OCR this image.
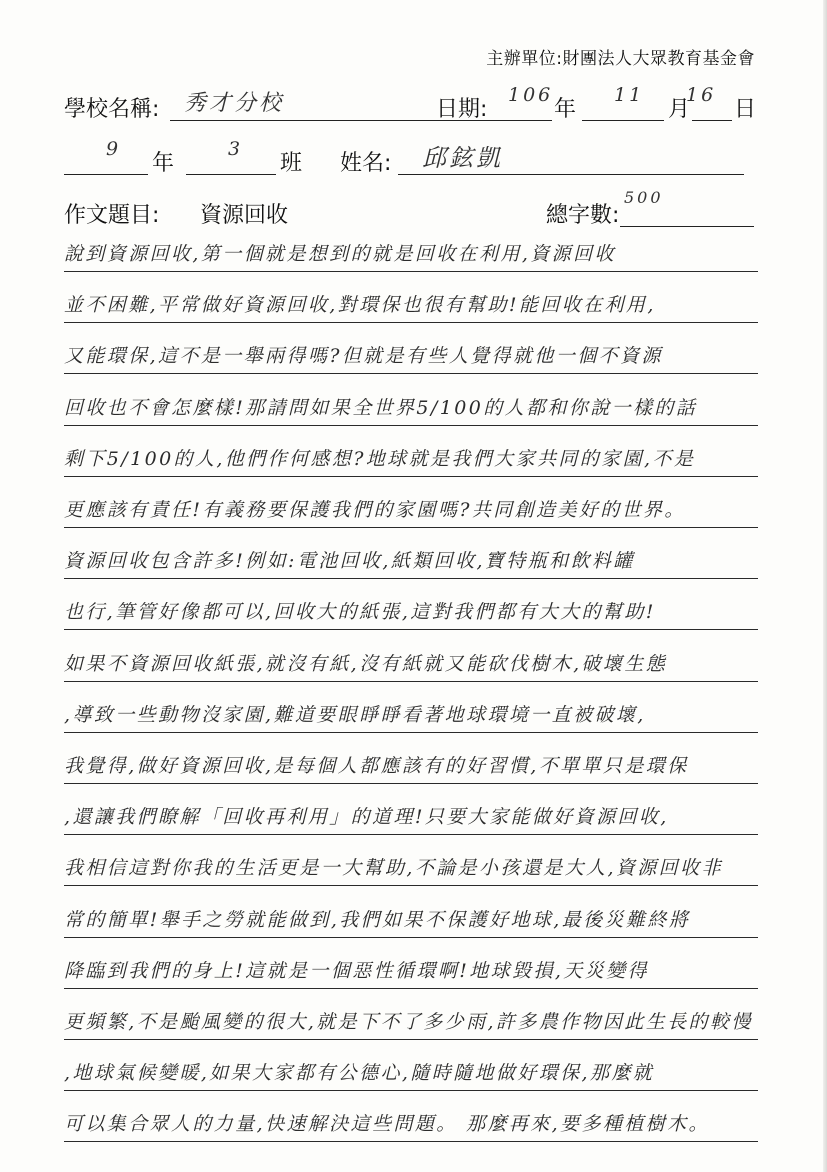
主辦單位:財團法人大眾教育基金會
學校名稱: 秀才分校	日期:
106
年
11
月
16
日
9
年
3
班 姓名: 邱鉉凱
作文題目: 資源回收	總字數:
500
說到資源回收,第一個就是想到的就是回收在利用,資源回收
並不困難,平常做好資源回收,對環保也很有幫助!能回收在利用,
又能環保,這不是一舉兩得嗎?但就是有些人覺得就他一個不資源
回收也不會怎麼樣!那請問如果全世界5/100的人都和你說一樣的話
剩下5/100的人,他們作何感想?地球就是我們大家共同的家園,不是
更應該有責任!有義務要保護我們的家園嗎?共同創造美好的世界。
資源回收包含許多!例如:電池回收,紙類回收,寶特瓶和飲料罐
也行,筆管好像都可以,回收大的紙張,這對我們都有大大的幫助!
如果不資源回收紙張,就沒有紙,沒有紙就又能砍伐樹木,破壞生態
,導致一些動物沒家園,難道要眼睜睜看著地球環境一直被破壞,
我覺得,做好資源回收,是每個人都應該有的好習慣,不單單只是環保
,還讓我們瞭解「回收再利用」的道理!只要大家能做好資源回收,
我相信這對你我的生活更是一大幫助,不論是小孩還是大人,資源回收非
常的簡單!舉手之勞就能做到,我們如果不保護好地球,最後災難終將
降臨到我們的身上!這就是一個惡性循環啊!地球毀損,天災變得
更頻繁,不是颱風變的很大,就是下不了多少雨,許多農作物因此生長的較慢
,地球氣候變暖,如果大家都有公德心,隨時隨地做好環保,那麼就
可以集合眾人的力量,快速解決這些問題。 那麼再來,要多種植樹木。
